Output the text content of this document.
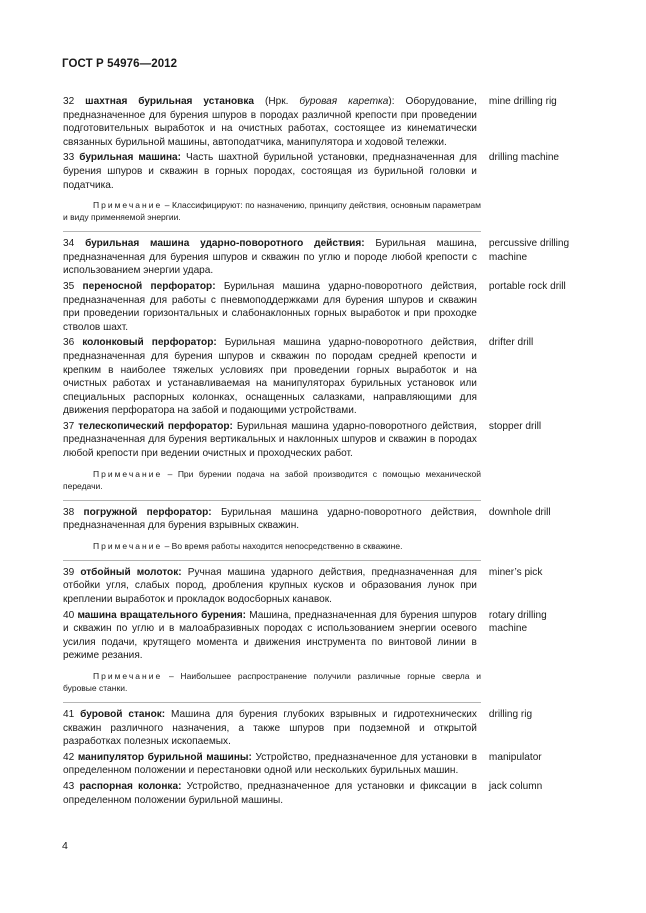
ГОСТ Р 54976—2012
32 шахтная бурильная установка (Нрк. буровая каретка): Оборудование, предназначенное для бурения шпуров в породах различной крепости при проведении подготовительных выработок и на очистных работах, состоящее из кинематически связанных бурильной машины, автоподатчика, манипулятора и ходовой тележки.
mine drilling rig
33 бурильная машина: Часть шахтной бурильной установки, предназначенная для бурения шпуров и скважин в горных породах, состоящая из бурильной головки и податчика.
drilling machine
Примечание – Классифицируют: по назначению, принципу действия, основным параметрам и виду применяемой энергии.
34 бурильная машина ударно-поворотного действия: Бурильная машина, предназначенная для бурения шпуров и скважин по углю и породе любой крепости с использованием энергии удара.
percussive drilling machine
35 переносной перфоратор: Бурильная машина ударно-поворотного действия, предназначенная для работы с пневмоподдержками для бурения шпуров и скважин при проведении горизонтальных и слабонаклонных горных выработок и при проходке стволов шахт.
portable rock drill
36 колонковый перфоратор: Бурильная машина ударно-поворотного действия, предназначенная для бурения шпуров и скважин по породам средней крепости и крепким в наиболее тяжелых условиях при проведении горных выработок и на очистных работах и устанавливаемая на манипуляторах бурильных установок или специальных распорных колонках, оснащенных салазками, направляющими для движения перфоратора на забой и подающими устройствами.
drifter drill
37 телескопический перфоратор: Бурильная машина ударно-поворотного действия, предназначенная для бурения вертикальных и наклонных шпуров и скважин в породах любой крепости при ведении очистных и проходческих работ.
stopper drill
Примечание – При бурении подача на забой производится с помощью механической передачи.
38 погружной перфоратор: Бурильная машина ударно-поворотного действия, предназначенная для бурения взрывных скважин.
downhole drill
Примечание – Во время работы находится непосредственно в скважине.
39 отбойный молоток: Ручная машина ударного действия, предназначенная для отбойки угля, слабых пород, дробления крупных кусков и образования лунок при креплении выработок и прокладок водосборных канавок.
miner’s pick
40 машина вращательного бурения: Машина, предназначенная для бурения шпуров и скважин по углю и в малоабразивных породах с использованием энергии осевого усилия подачи, крутящего момента и движения инструмента по винтовой линии в режиме резания.
rotary drilling machine
Примечание – Наибольшее распространение получили различные горные сверла и буровые станки.
41 буровой станок: Машина для бурения глубоких взрывных и гидротехнических скважин различного назначения, а также шпуров при подземной и открытой разработках полезных ископаемых.
drilling rig
42 манипулятор бурильной машины: Устройство, предназначенное для установки в определенном положении и перестановки одной или нескольких бурильных машин.
manipulator
43 распорная колонка: Устройство, предназначенное для установки и фиксации в определенном положении бурильной машины.
jack column
4
